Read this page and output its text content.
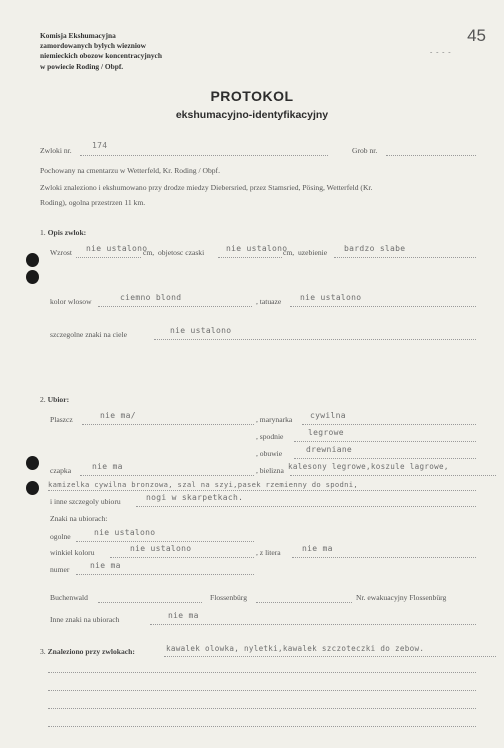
Komisja Ekshumacyjna
zamordowanych bylych wiezniow
niemieckich obozow koncentracyjnych
w powiecie Roding / Obpf.
- - - -
45
PROTOKOL
ekshumacyjno-identyfikacyjny
Zwloki nr.
174
Grob nr.
Pochowany na cmentarzu w Wetterfeld, Kr. Roding / Obpf.
Zwloki znaleziono i ekshumowano przy drodze miedzy Diebersried, przez Stamsried, Pösing, Wetterfeld (Kr.
Roding), ogolna przestrzen 11 km.
1. Opis zwlok:
Wzrost nie ustalono
cm, objetosc czaski	nie ustalono
cm, uzebienie bardzo slabe
kolor wlosow	ciemno blond	, tatuaze nie ustalono
szczegolne znaki na ciele	nie ustalono
2. Ubior:
Plaszcz	nie ma/	, marynarka cywilna
, spodnie	legrowe
, obuwie	drewniane
czapka	nie ma	, bielizna kalesony legrowe,koszule lagrowe,
kamizelka cywilna bronzowa, szal na szyi,pasek rzemienny do spodni,
i inne szczegoly ubioru	nogi w skarpetkach.
Znaki na ubiorach:
ogolne	nie ustalono
winkiel koloru	nie ustalono	, z litera	nie ma
numer	nie ma
Buchenwald	Flossenbürg	Nr. ewakuacyjny Flossenbürg
Inne znaki na ubiorach	nie ma
3. Znaleziono przy zwlokach:	kawalek olowka, nyletki,kawalek szczoteczki do zebow.
